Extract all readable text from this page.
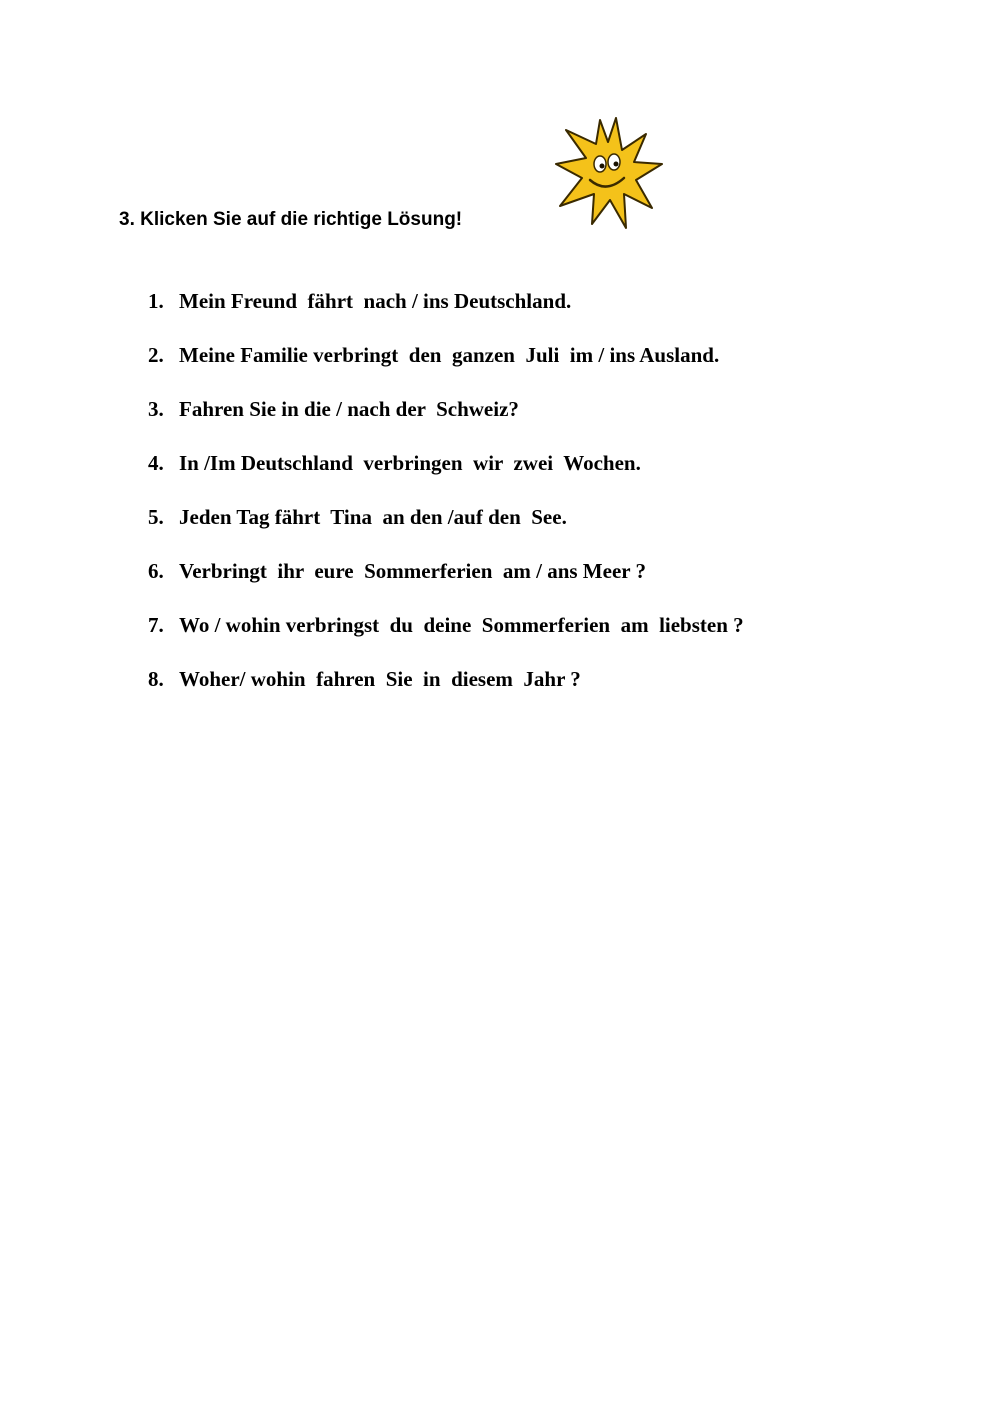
3. Klicken Sie auf die richtige Lösung!
1. Mein Freund  fährt  nach / ins Deutschland.
2. Meine Familie verbringt  den  ganzen  Juli  im / ins Ausland.
3. Fahren Sie in die / nach der  Schweiz?
4. In /Im Deutschland  verbringen  wir  zwei  Wochen.
5. Jeden Tag fährt  Tina  an den /auf den  See.
6. Verbringt  ihr  eure  Sommerferien  am / ans Meer ?
7. Wo / wohin verbringst  du  deine  Sommerferien  am  liebsten ?
8. Woher/ wohin  fahren  Sie  in  diesem  Jahr ?
